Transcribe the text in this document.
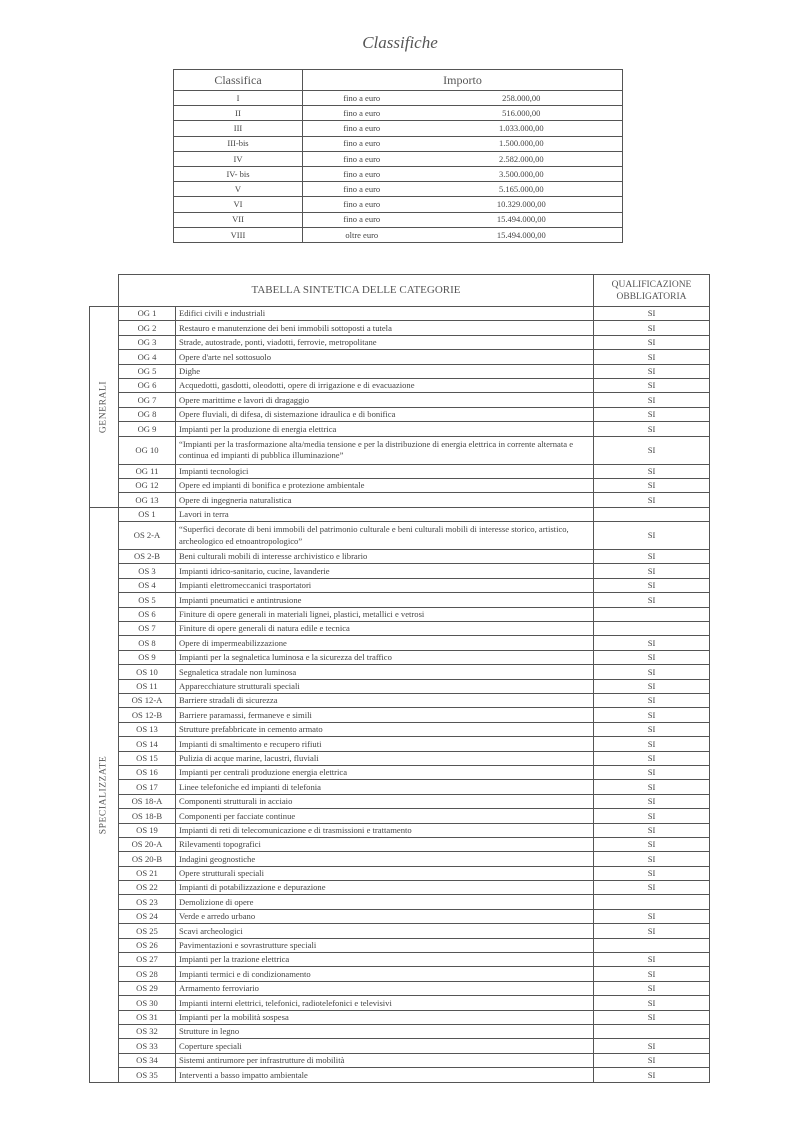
Classifiche
Classifica	Importo	
I	fino a euro	258.000,00
II	fino a euro	516.000,00
III	fino a euro	1.033.000,00
III-bis	fino a euro	1.500.000,00
IV	fino a euro	2.582.000,00
IV- bis	fino a euro	3.500.000,00
V	fino a euro	5.165.000,00
VI	fino a euro	10.329.000,00
VII	fino a euro	15.494.000,00
VIII	oltre euro	15.494.000,00
	TABELLA SINTETICA DELLE CATEGORIE		QUALIFICAZIONE OBBLIGATORIA

GENERALI	OG 1	Edifici civili e industriali	SI
	OG 2	Restauro e manutenzione dei beni immobili sottoposti a tutela	SI
	OG 3	Strade, autostrade, ponti, viadotti, ferrovie, metropolitane	SI
	OG 4	Opere d'arte nel sottosuolo	SI
	OG 5	Dighe	SI
	OG 6	Acquedotti, gasdotti, oleodotti, opere di irrigazione e di evacuazione	SI
	OG 7	Opere marittime e lavori di dragaggio	SI
	OG 8	Opere fluviali, di difesa, di sistemazione idraulica e di bonifica	SI
	OG 9	Impianti per la produzione di energia elettrica	SI
	OG 10	“Impianti per la trasformazione alta/media tensione e per la distribuzione di energia elettrica in corrente alternata e continua ed impianti di pubblica illuminazione”	SI
	OG 11	Impianti tecnologici	SI
	OG 12	Opere ed impianti di bonifica e protezione ambientale	SI
	OG 13	Opere di ingegneria naturalistica	SI

SPECIALIZZATE	OS 1	Lavori in terra	
	OS 2-A	“Superfici decorate di beni immobili del patrimonio culturale e beni culturali mobili di interesse storico, artistico, archeologico ed etnoantropologico”	SI
	OS 2-B	Beni culturali mobili di interesse archivistico e librario	SI
	OS 3	Impianti idrico-sanitario, cucine, lavanderie	SI
	OS 4	Impianti elettromeccanici trasportatori	SI
	OS 5	Impianti pneumatici e antintrusione	SI
	OS 6	Finiture di opere generali in materiali lignei, plastici, metallici e vetrosi	
	OS 7	Finiture di opere generali di natura edile e tecnica	
	OS 8	Opere di impermeabilizzazione	SI
	OS 9	Impianti per la segnaletica luminosa e la sicurezza del traffico	SI
	OS 10	Segnaletica stradale non luminosa	SI
	OS 11	Apparecchiature strutturali speciali	SI
	OS 12-A	Barriere stradali di sicurezza	SI
	OS 12-B	Barriere paramassi, fermaneve e simili	SI
	OS 13	Strutture prefabbricate in cemento armato	SI
	OS 14	Impianti di smaltimento e recupero rifiuti	SI
	OS 15	Pulizia di acque marine, lacustri, fluviali	SI
	OS 16	Impianti per centrali produzione energia elettrica	SI
	OS 17	Linee telefoniche ed impianti di telefonia	SI
	OS 18-A	Componenti strutturali in acciaio	SI
	OS 18-B	Componenti per facciate continue	SI
	OS 19	Impianti di reti di telecomunicazione e di trasmissioni e trattamento	SI
	OS 20-A	Rilevamenti topografici	SI
	OS 20-B	Indagini geognostiche	SI
	OS 21	Opere strutturali speciali	SI
	OS 22	Impianti di potabilizzazione e depurazione	SI
	OS 23	Demolizione di opere	
	OS 24	Verde e arredo urbano	SI
	OS 25	Scavi archeologici	SI
	OS 26	Pavimentazioni e sovrastrutture speciali	
	OS 27	Impianti per la trazione elettrica	SI
	OS 28	Impianti termici e di condizionamento	SI
	OS 29	Armamento ferroviario	SI
	OS 30	Impianti interni elettrici, telefonici, radiotelefonici e televisivi	SI
	OS 31	Impianti per la mobilità sospesa	SI
	OS 32	Strutture in legno	
	OS 33	Coperture speciali	SI
	OS 34	Sistemi antirumore per infrastrutture di mobilità	SI
	OS 35	Interventi a basso impatto ambientale	SI
